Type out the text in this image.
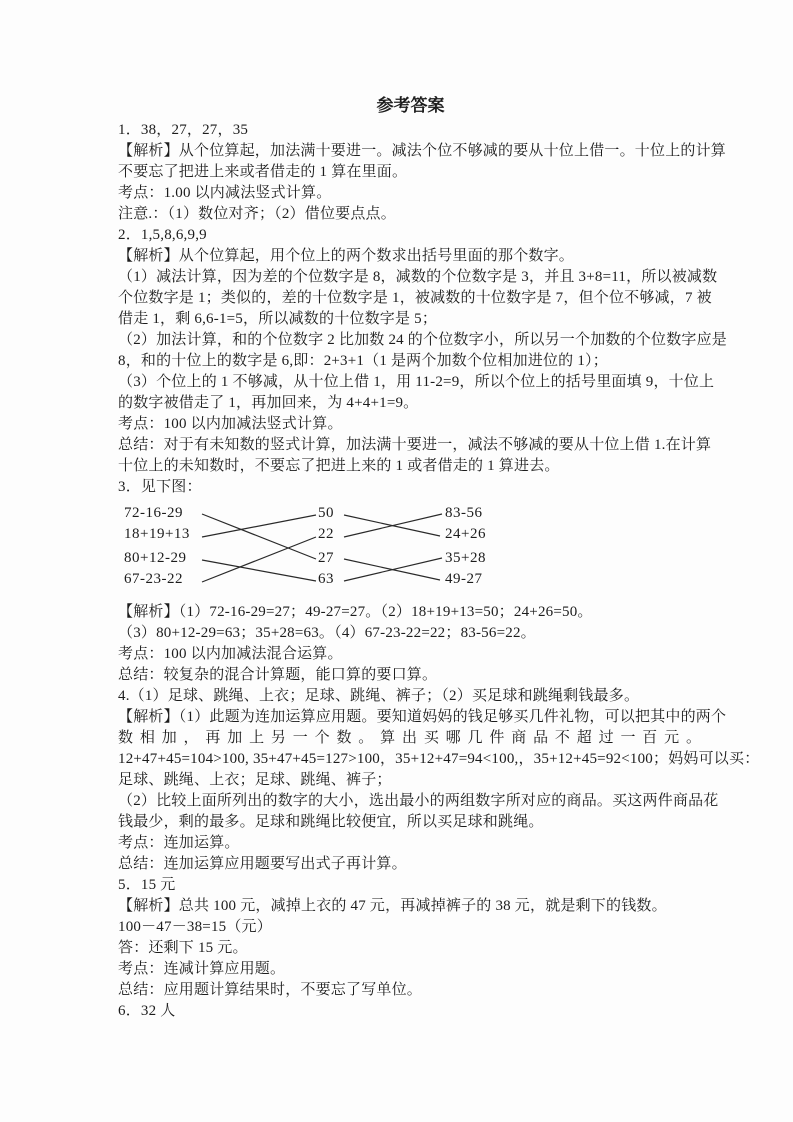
参考答案

1．38，27，27，35

【解析】从个位算起，加法满十要进一。减法个位不够减的要从十位上借一。十位上的计算

不要忘了把进上来或者借走的 1 算在里面。

考点：1.00 以内减法竖式计算。

注意.：（1）数位对齐；（2）借位要点点。

2．1,5,8,6,9,9

【解析】从个位算起，用个位上的两个数求出括号里面的那个数字。

（1）减法计算，因为差的个位数字是 8，减数的个位数字是 3，并且 3+8=11，所以被减数

个位数字是 1；类似的，差的十位数字是 1，被减数的十位数字是 7，但个位不够减，7 被

借走 1，剩 6,6-1=5，所以减数的十位数字是 5；

（2）加法计算，和的个位数字 2 比加数 24 的个位数字小，所以另一个加数的个位数字应是

8，和的十位上的数字是 6,即：2+3+1（1 是两个加数个位相加进位的 1）；

（3）个位上的 1 不够减，从十位上借 1，用 11-2=9，所以个位上的括号里面填 9，十位上

的数字被借走了 1，再加回来，为 4+4+1=9。

考点：100 以内加减法竖式计算。

总结：对于有未知数的竖式计算，加法满十要进一，减法不够减的要从十位上借 1.在计算

十位上的未知数时，不要忘了把进上来的 1 或者借走的 1 算进去。

3．见下图：

72-16-29
18+19+13
80+12-29
67-23-22
50
22
27
63
83-56
24+26
35+28
49-27

【解析】（1）72-16-29=27；49-27=27。（2）18+19+13=50；24+26=50。

（3）80+12-29=63；35+28=63。（4）67-23-22=22；83-56=22。

考点：100 以内加减法混合运算。

总结：较复杂的混合计算题，能口算的要口算。

4.（1）足球、跳绳、上衣；足球、跳绳、裤子；（2）买足球和跳绳剩钱最多。

【解析】（1）此题为连加运算应用题。要知道妈妈的钱足够买几件礼物，可以把其中的两个

数相加，再加上另一个数。算出买哪几件商品不超过一百元。

12+47+45=104>100, 35+47+45=127>100，35+12+47=94<100,，35+12+45=92<100；妈妈可以买：

足球、跳绳、上衣；足球、跳绳、裤子；

（2）比较上面所列出的数字的大小，选出最小的两组数字所对应的商品。买这两件商品花

钱最少，剩的最多。足球和跳绳比较便宜，所以买足球和跳绳。

考点：连加运算。

总结：连加运算应用题要写出式子再计算。

5．15 元

【解析】总共 100 元，减掉上衣的 47 元，再减掉裤子的 38 元，就是剩下的钱数。

100－47－38=15（元）

答：还剩下 15 元。

考点：连减计算应用题。

总结：应用题计算结果时，不要忘了写单位。

6．32 人
